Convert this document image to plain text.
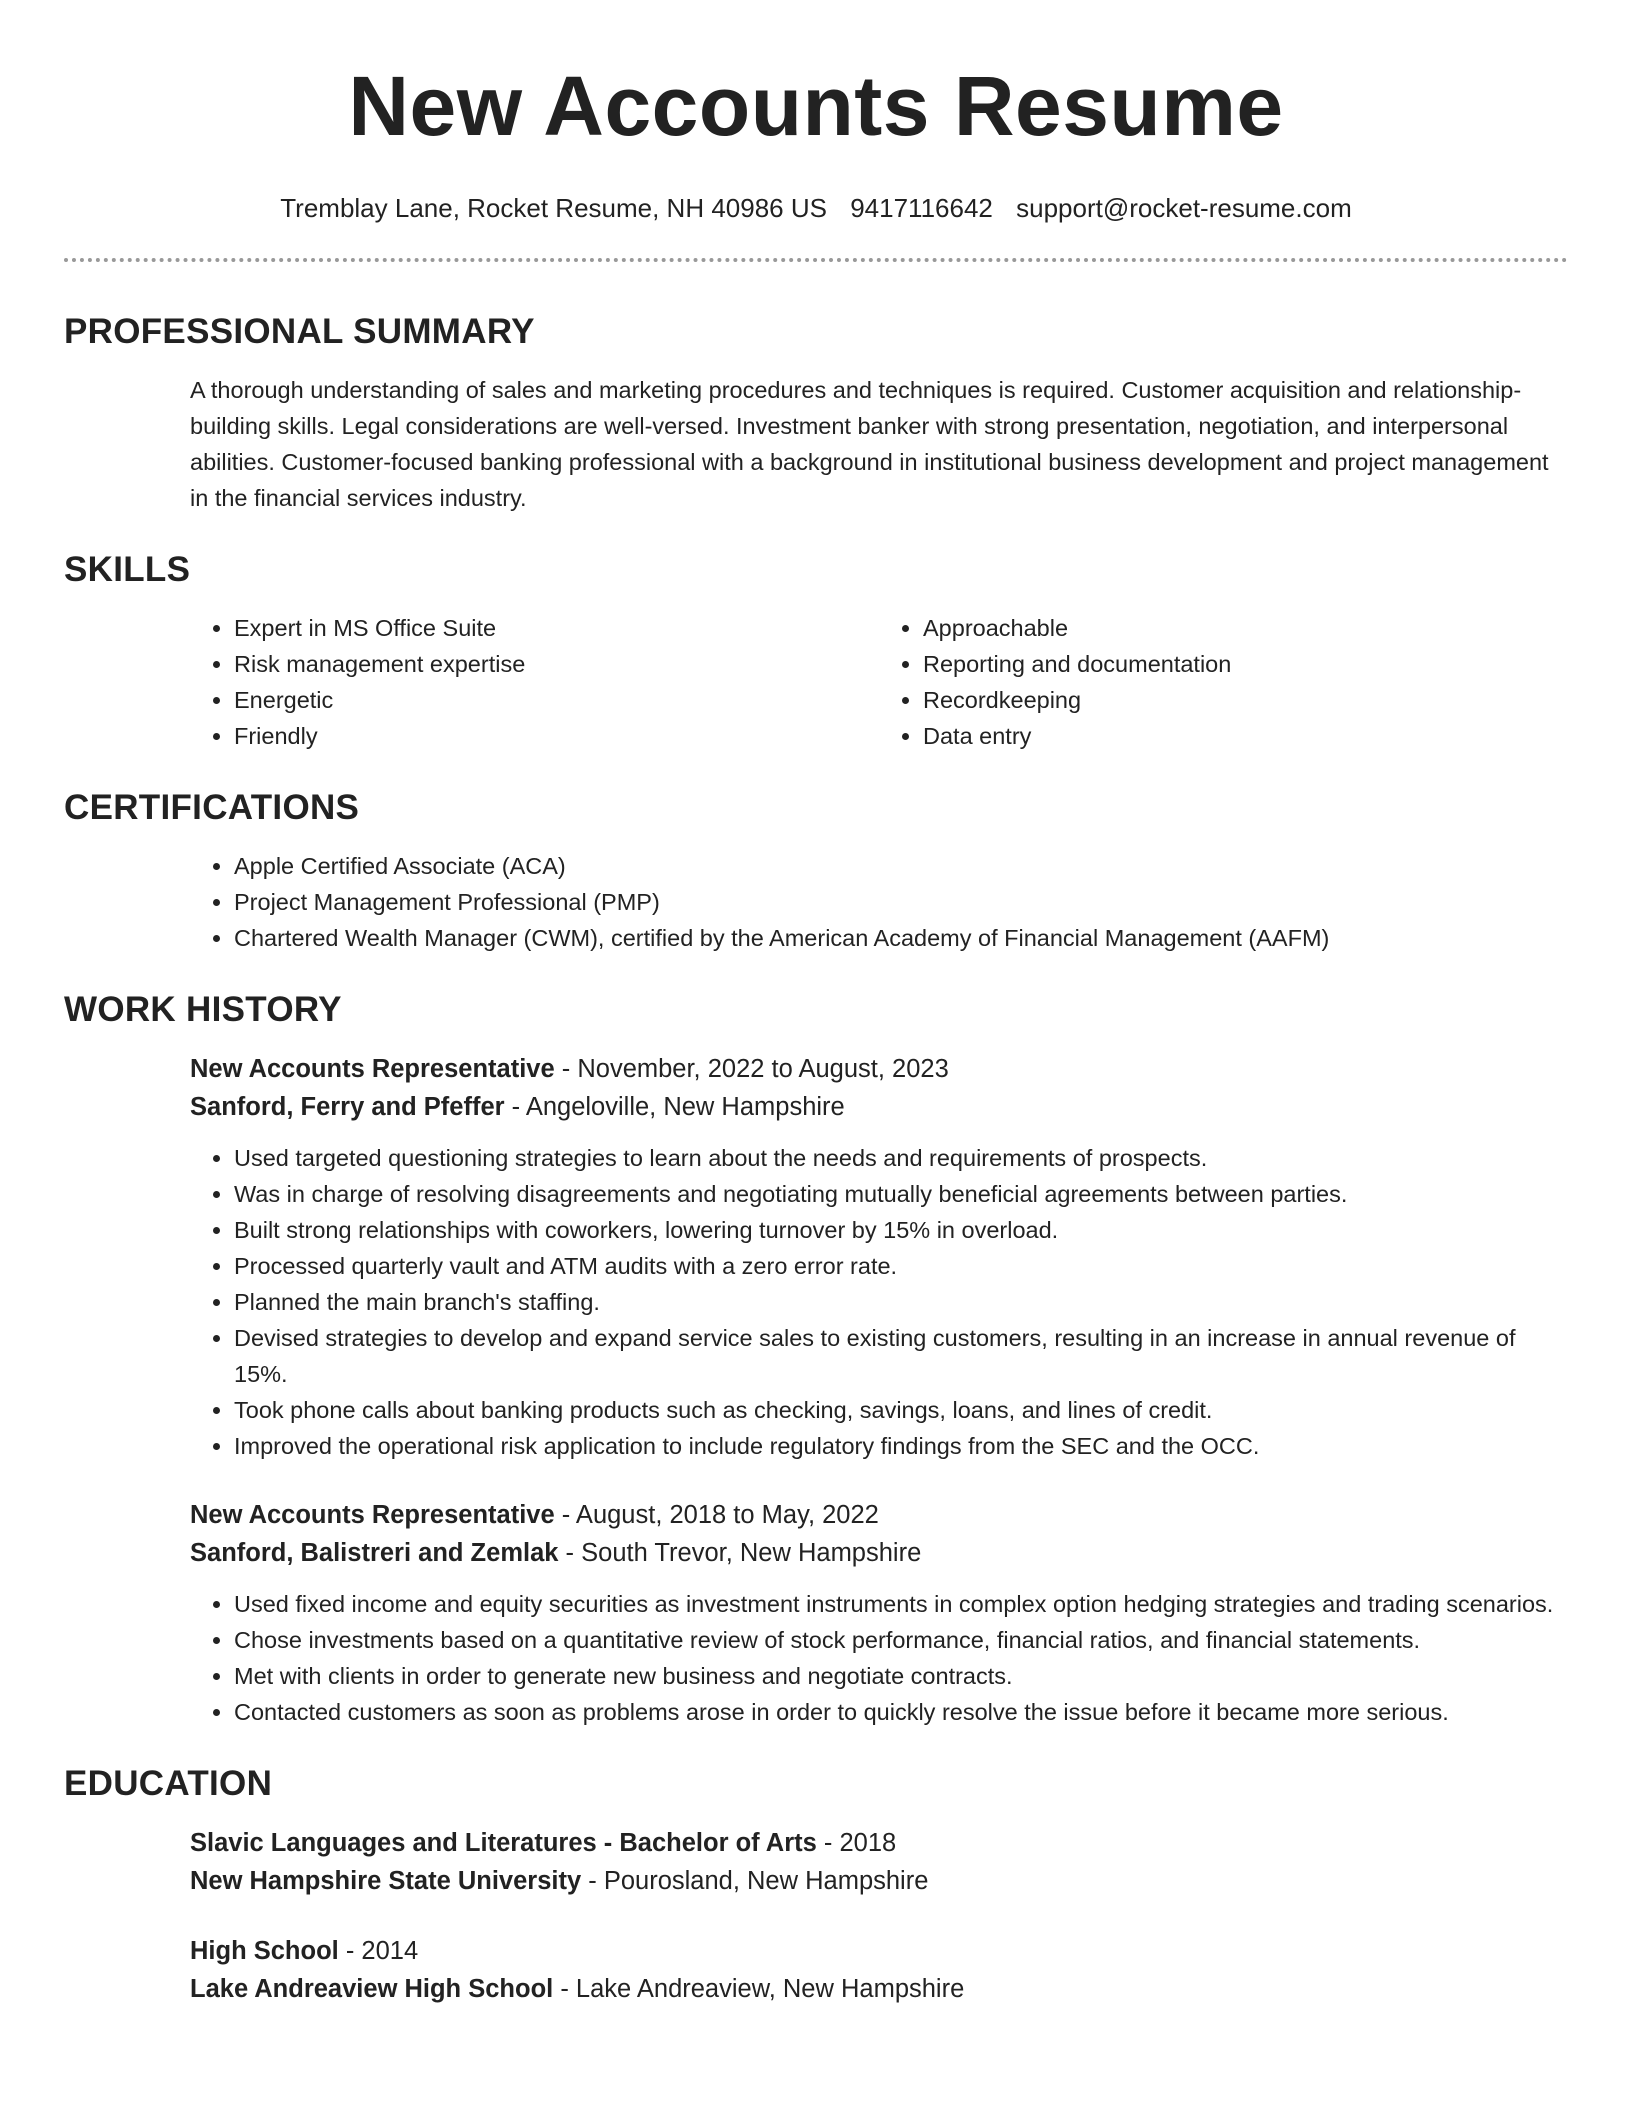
New Accounts Resume
Tremblay Lane, Rocket Resume, NH 40986 US 9417116642 support@rocket-resume.com
PROFESSIONAL SUMMARY

A thorough understanding of sales and marketing procedures and techniques is required. Customer acquisition and relationship-building skills. Legal considerations are well-versed. Investment banker with strong presentation, negotiation, and interpersonal abilities. Customer-focused banking professional with a background in institutional business development and project management in the financial services industry.

SKILLS
• Expert in MS Office Suite
• Risk management expertise
• Energetic
• Friendly
• Approachable
• Reporting and documentation
• Recordkeeping
• Data entry
CERTIFICATIONS
• Apple Certified Associate (ACA)
• Project Management Professional (PMP)
• Chartered Wealth Manager (CWM), certified by the American Academy of Financial Management (AAFM)
WORK HISTORY
New Accounts Representative - November, 2022 to August, 2023
Sanford, Ferry and Pfeffer - Angeloville, New Hampshire
• Used targeted questioning strategies to learn about the needs and requirements of prospects.
• Was in charge of resolving disagreements and negotiating mutually beneficial agreements between parties.
• Built strong relationships with coworkers, lowering turnover by 15% in overload.
• Processed quarterly vault and ATM audits with a zero error rate.
• Planned the main branch's staffing.
• Devised strategies to develop and expand service sales to existing customers, resulting in an increase in annual revenue of 15%.
• Took phone calls about banking products such as checking, savings, loans, and lines of credit.
• Improved the operational risk application to include regulatory findings from the SEC and the OCC.
New Accounts Representative - August, 2018 to May, 2022
Sanford, Balistreri and Zemlak - South Trevor, New Hampshire
• Used fixed income and equity securities as investment instruments in complex option hedging strategies and trading scenarios.
• Chose investments based on a quantitative review of stock performance, financial ratios, and financial statements.
• Met with clients in order to generate new business and negotiate contracts.
• Contacted customers as soon as problems arose in order to quickly resolve the issue before it became more serious.
EDUCATION
Slavic Languages and Literatures - Bachelor of Arts - 2018
New Hampshire State University - Pourosland, New Hampshire
High School - 2014
Lake Andreaview High School - Lake Andreaview, New Hampshire
